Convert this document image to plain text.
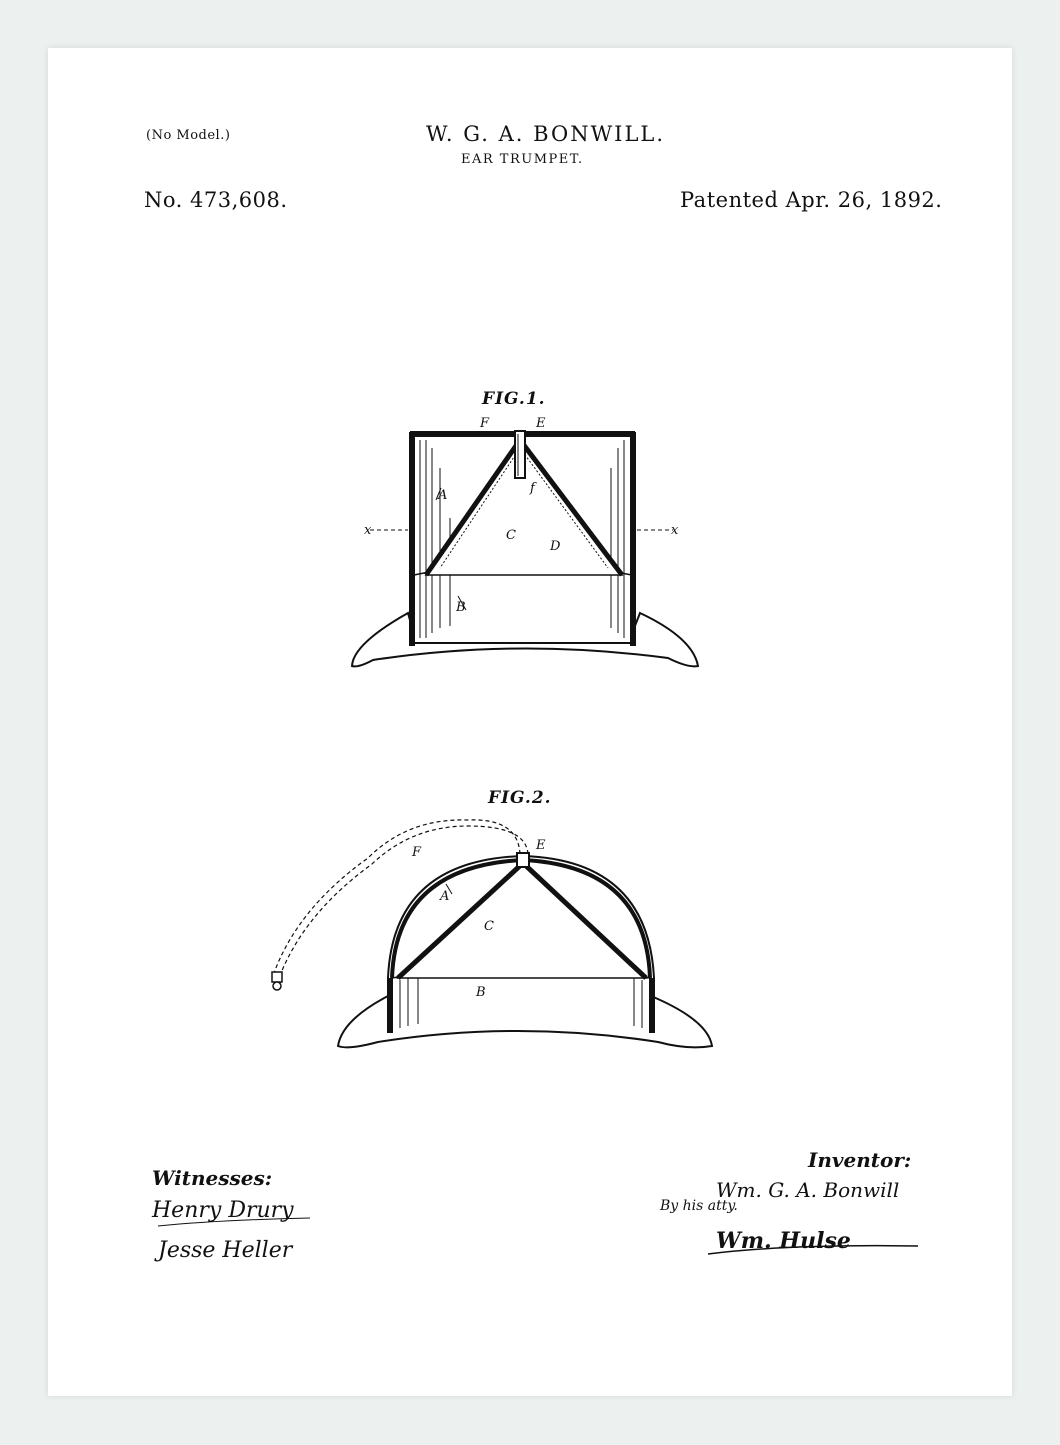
(No Model.)	W. G. A. BONWILL.
EAR TRUMPET.
No. 473,608.	Patented Apr. 26, 1892.
FIG.1.
FIG.2.
F	E
f
A
C
D
B
x	x
E
F
A
C
B
Witnesses:
Henry Drury
Jesse Heller
Inventor:
Wm. G. A. Bonwill
By his atty.
Wm. Hulse
